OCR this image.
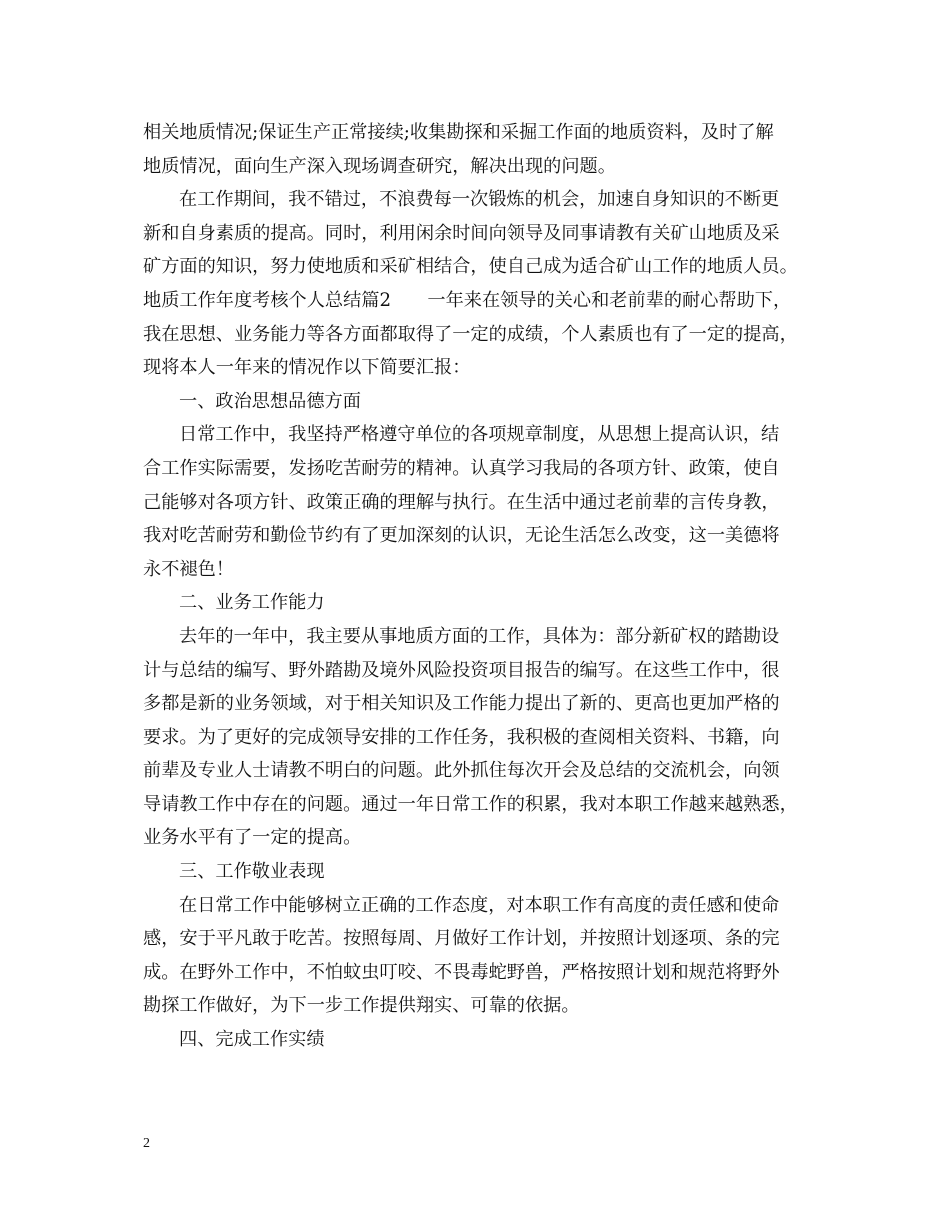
相关地质情况;保证生产正常接续;收集勘探和采掘工作面的地质资料，及时了解
地质情况，面向生产深入现场调查研究，解决出现的问题。
在工作期间，我不错过，不浪费每一次锻炼的机会，加速自身知识的不断更
新和自身素质的提高。同时，利用闲余时间向领导及同事请教有关矿山地质及采
矿方面的知识，努力使地质和采矿相结合，使自己成为适合矿山工作的地质人员。
地质工作年度考核个人总结篇2　　一年来在领导的关心和老前辈的耐心帮助下，
我在思想、业务能力等各方面都取得了一定的成绩，个人素质也有了一定的提高，
现将本人一年来的情况作以下简要汇报：
一、政治思想品德方面
日常工作中，我坚持严格遵守单位的各项规章制度，从思想上提高认识，结
合工作实际需要，发扬吃苦耐劳的精神。认真学习我局的各项方针、政策，使自
己能够对各项方针、政策正确的理解与执行。在生活中通过老前辈的言传身教，
我对吃苦耐劳和勤俭节约有了更加深刻的认识，无论生活怎么改变，这一美德将
永不褪色！
二、业务工作能力
去年的一年中，我主要从事地质方面的工作，具体为：部分新矿权的踏勘设
计与总结的编写、野外踏勘及境外风险投资项目报告的编写。在这些工作中，很
多都是新的业务领域，对于相关知识及工作能力提出了新的、更高也更加严格的
要求。为了更好的完成领导安排的工作任务，我积极的查阅相关资料、书籍，向
前辈及专业人士请教不明白的问题。此外抓住每次开会及总结的交流机会，向领
导请教工作中存在的问题。通过一年日常工作的积累，我对本职工作越来越熟悉，
业务水平有了一定的提高。
三、工作敬业表现
在日常工作中能够树立正确的工作态度，对本职工作有高度的责任感和使命
感，安于平凡敢于吃苦。按照每周、月做好工作计划，并按照计划逐项、条的完
成。在野外工作中，不怕蚊虫叮咬、不畏毒蛇野兽，严格按照计划和规范将野外
勘探工作做好，为下一步工作提供翔实、可靠的依据。
四、完成工作实绩
2
